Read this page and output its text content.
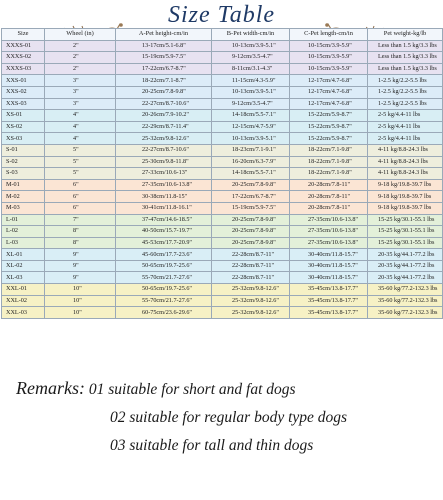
Size Table
Size	Wheel (in)	A-Pet height-cm/in	B-Pet width-cm/in	C-Pet length-cm/in	Pet weight-kg/lb
XXXS-01	2"	13-17cm/5.1-6.8"	10-13cm/3.9-5.1"	10-15cm/3.9-5.9"	Less than 1.5 kg/3.3 lbs
XXXS-02	2"	15-19cm/5.9-7.5"	9-12cm/3.5-4.7"	10-15cm/3.9-5.9"	Less than 1.5 kg/3.3 lbs
XXXS-03	2"	17-22cm/6.7-8.7"	8-11cm/3.1-4.3"	10-15cm/3.9-5.9"	Less than 1.5 kg/3.3 lbs
XXS-01	3"	18-22cm/7.1-8.7"	11-15cm/4.3-5.9"	12-17cm/4.7-6.8"	1-2.5 kg/2.2-5.5 lbs
XXS-02	3"	20-25cm/7.8-9.8"	10-13cm/3.9-5.1"	12-17cm/4.7-6.8"	1-2.5 kg/2.2-5.5 lbs
XXS-03	3"	22-27cm/8.7-10.6"	9-12cm/3.5-4.7"	12-17cm/4.7-6.8"	1-2.5 kg/2.2-5.5 lbs
XS-01	4"	20-26cm/7.9-10.2"	14-18cm/5.5-7.1"	15-22cm/5.9-8.7"	2-5 kg/4.4-11 lbs
XS-02	4"	22-29cm/8.7-11.4"	12-15cm/4.7-5.9"	15-22cm/5.9-8.7"	2-5 kg/4.4-11 lbs
XS-03	4"	25-32cm/9.8-12.6"	10-13cm/3.9-5.1"	15-22cm/5.9-8.7"	2-5 kg/4.4-11 lbs
S-01	5"	22-27cm/8.7-10.6"	18-23cm/7.1-9.1"	18-22cm/7.1-9.8"	4-11 kg/8.8-24.3 lbs
S-02	5"	25-30cm/9.8-11.8"	16-20cm/6.3-7.9"	18-22cm/7.1-9.8"	4-11 kg/8.8-24.3 lbs
S-03	5"	27-33cm/10.6-13"	14-18cm/5.5-7.1"	18-22cm/7.1-9.8"	4-11 kg/8.8-24.3 lbs
M-01	6"	27-35cm/10.6-13.8"	20-25cm/7.8-9.8"	20-28cm/7.8-11"	9-18 kg/19.8-39.7 lbs
M-02	6"	30-38cm/11.8-15"	17-22cm/6.7-8.7"	20-28cm/7.8-11"	9-18 kg/19.8-39.7 lbs
M-03	6"	30-41cm/11.8-16.1"	15-19cm/5.9-7.5"	20-28cm/7.8-11"	9-18 kg/19.8-39.7 lbs
L-01	7"	37-47cm/14.6-18.5"	20-25cm/7.8-9.8"	27-35cm/10.6-13.8"	15-25 kg/30.1-55.1 lbs
L-02	8"	40-50cm/15.7-19.7"	20-25cm/7.8-9.8"	27-35cm/10.6-13.8"	15-25 kg/30.1-55.1 lbs
L-03	8"	45-53cm/17.7-20.9"	20-25cm/7.8-9.8"	27-35cm/10.6-13.8"	15-25 kg/30.1-55.1 lbs
XL-01	9"	45-60cm/17.7-23.6"	22-28cm/8.7-11"	30-40cm/11.8-15.7"	20-35 kg/44.1-77.2 lbs
XL-02	9"	50-65cm/19.7-25.6"	22-28cm/8.7-11"	30-40cm/11.8-15.7"	20-35 kg/44.1-77.2 lbs
XL-03	9"	55-70cm/21.7-27.6"	22-28cm/8.7-11"	30-40cm/11.8-15.7"	20-35 kg/44.1-77.2 lbs
XXL-01	10"	50-65cm/19.7-25.6"	25-32cm/9.8-12.6"	35-45cm/13.8-17.7"	35-60 kg/77.2-132.3 lbs
XXL-02	10"	55-70cm/21.7-27.6"	25-32cm/9.8-12.6"	35-45cm/13.8-17.7"	35-60 kg/77.2-132.3 lbs
XXL-03	10"	60-75cm/23.6-29.6"	25-32cm/9.8-12.6"	35-45cm/13.8-17.7"	35-60 kg/77.2-132.3 lbs
Remarks: 01 suitable for short and fat dogs
02 suitable for regular body type dogs
03 suitable for tall and thin dogs
